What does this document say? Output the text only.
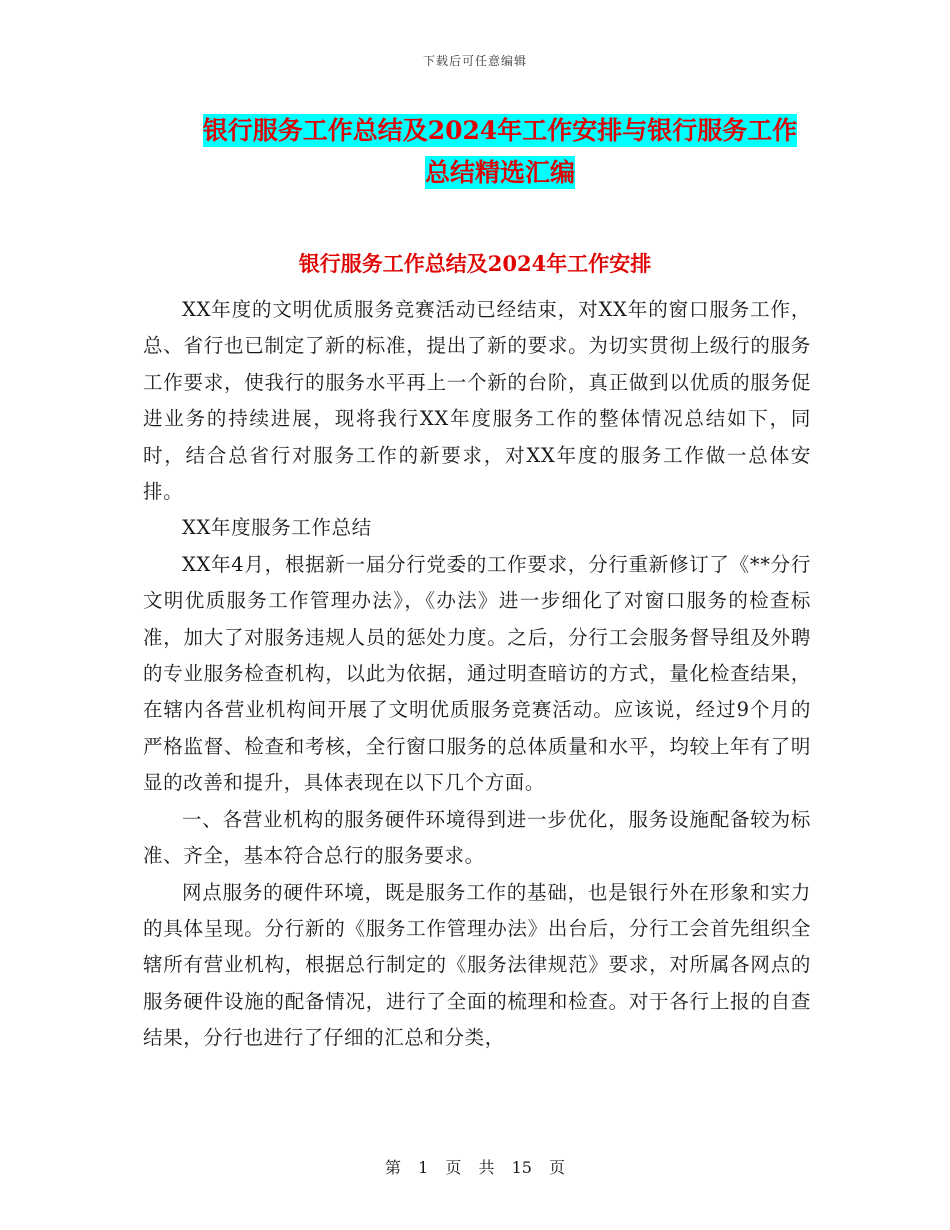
下载后可任意编辑
银行服务工作总结及2024年工作安排与银行服务工作
总结精选汇编
银行服务工作总结及2024年工作安排

XX年度的文明优质服务竞赛活动已经结束，对XX年的窗口服务工作，总、省行也已制定了新的标准，提出了新的要求。为切实贯彻上级行的服务工作要求，使我行的服务水平再上一个新的台阶，真正做到以优质的服务促进业务的持续进展，现将我行XX年度服务工作的整体情况总结如下，同时，结合总省行对服务工作的新要求，对XX年度的服务工作做一总体安排。

XX年度服务工作总结

XX年4月，根据新一届分行党委的工作要求，分行重新修订了《**分行文明优质服务工作管理办法》，《办法》进一步细化了对窗口服务的检查标准，加大了对服务违规人员的惩处力度。之后，分行工会服务督导组及外聘的专业服务检查机构，以此为依据，通过明查暗访的方式，量化检查结果，在辖内各营业机构间开展了文明优质服务竞赛活动。应该说，经过9个月的严格监督、检查和考核，全行窗口服务的总体质量和水平，均较上年有了明显的改善和提升，具体表现在以下几个方面。

一、各营业机构的服务硬件环境得到进一步优化，服务设施配备较为标准、齐全，基本符合总行的服务要求。

网点服务的硬件环境，既是服务工作的基础，也是银行外在形象和实力的具体呈现。分行新的《服务工作管理办法》出台后，分行工会首先组织全辖所有营业机构，根据总行制定的《服务法律规范》要求，对所属各网点的服务硬件设施的配备情况，进行了全面的梳理和检查。对于各行上报的自查结果，分行也进行了仔细的汇总和分类，

第 1 页 共 15 页
